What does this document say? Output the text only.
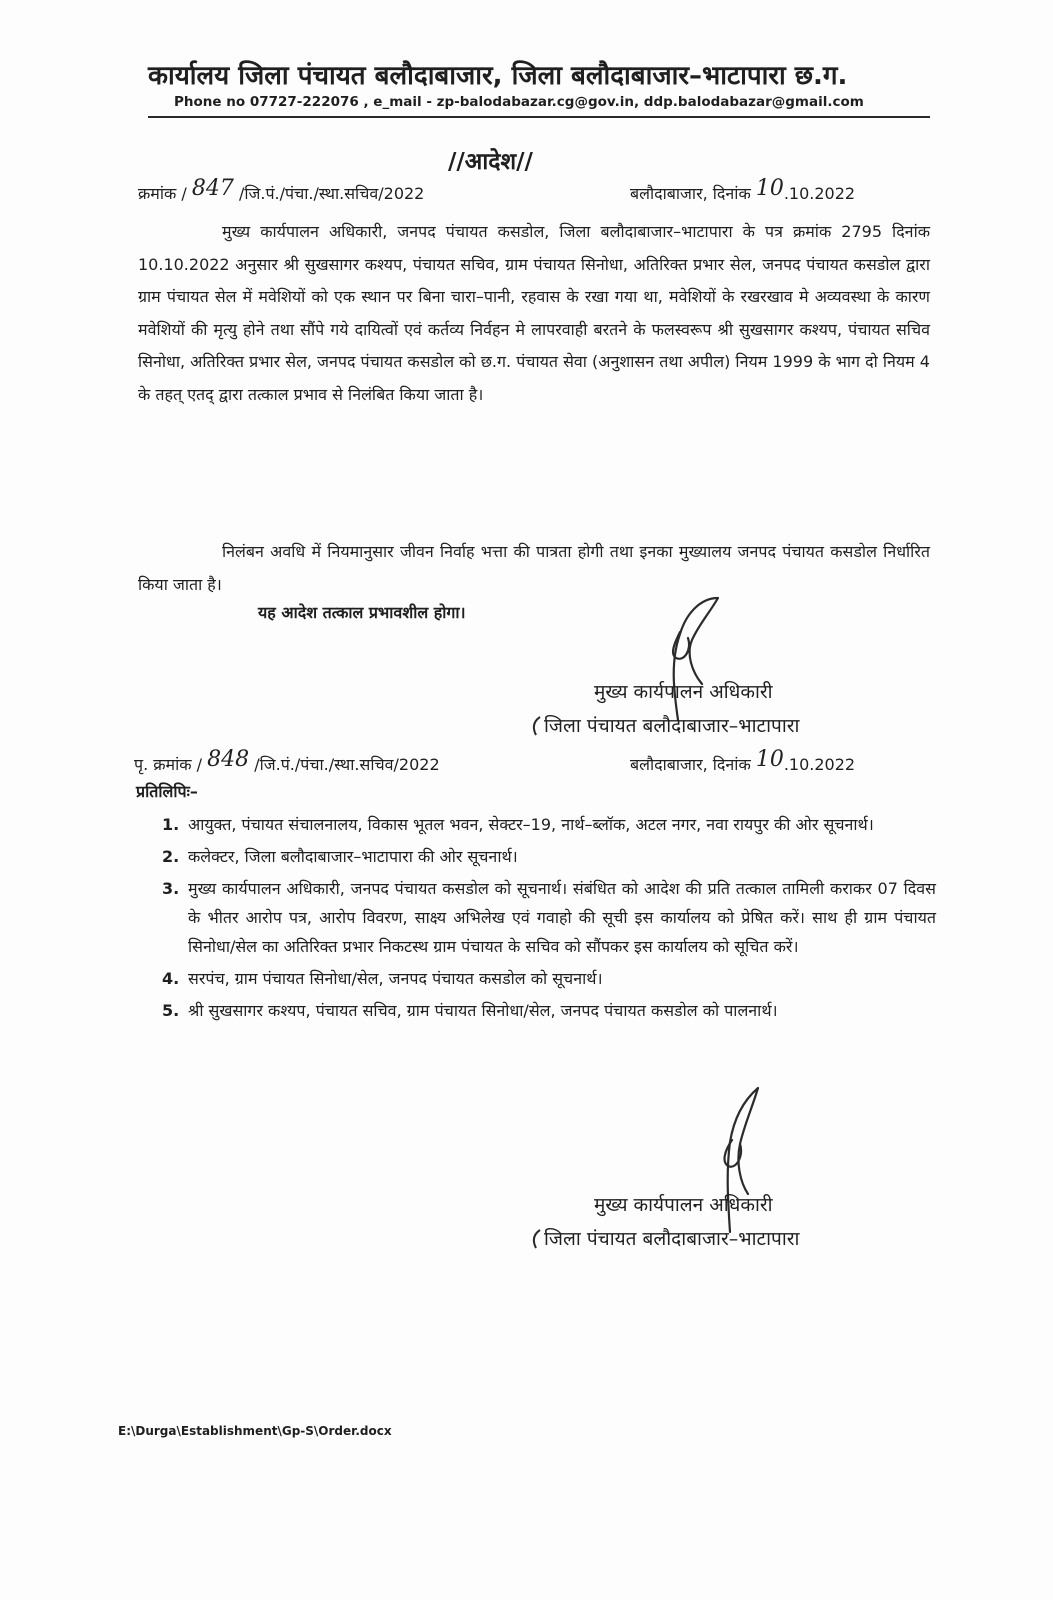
कार्यालय जिला पंचायत बलौदाबाजार, जिला बलौदाबाजार–भाटापारा छ.ग.
Phone no 07727-222076 , e_mail - zp-balodabazar.cg@gov.in, ddp.balodabazar@gmail.com
//आदेश//
क्रमांक / 847 /जि.पं./पंचा./स्था.सचिव/2022	बलौदाबाजार, दिनांक 10.10.2022
मुख्य कार्यपालन अधिकारी, जनपद पंचायत कसडोल, जिला बलौदाबाजार–भाटापारा के पत्र क्रमांक 2795 दिनांक 10.10.2022 अनुसार श्री सुखसागर कश्यप, पंचायत सचिव, ग्राम पंचायत सिनोधा, अतिरिक्त प्रभार सेल, जनपद पंचायत कसडोल द्वारा ग्राम पंचायत सेल में मवेशियों को एक स्थान पर बिना चारा–पानी, रहवास के रखा गया था, मवेशियों के रखरखाव मे अव्यवस्था के कारण मवेशियों की मृत्यु होने तथा सौंपे गये दायित्वों एवं कर्तव्य निर्वहन मे लापरवाही बरतने के फलस्वरूप श्री सुखसागर कश्यप, पंचायत सचिव सिनोधा, अतिरिक्त प्रभार सेल, जनपद पंचायत कसडोल को छ.ग. पंचायत सेवा (अनुशासन तथा अपील) नियम 1999 के भाग दो नियम 4 के तहत् एतद् द्वारा तत्काल प्रभाव से निलंबित किया जाता है।
निलंबन अवधि में नियमानुसार जीवन निर्वाह भत्ता की पात्रता होगी तथा इनका मुख्यालय जनपद पंचायत कसडोल निर्धारित किया जाता है।
यह आदेश तत्काल प्रभावशील होगा।
मुख्य कार्यपालन अधिकारी
जिला पंचायत बलौदाबाजार–भाटापारा
पृ. क्रमांक / 848 /जि.पं./पंचा./स्था.सचिव/2022	बलौदाबाजार, दिनांक 10.10.2022
प्रतिलिपिः–
1. आयुक्त, पंचायत संचालनालय, विकास भूतल भवन, सेक्टर–19, नार्थ–ब्लॉक, अटल नगर, नवा रायपुर की ओर सूचनार्थ।
2. कलेक्टर, जिला बलौदाबाजार–भाटापारा की ओर सूचनार्थ।
3. मुख्य कार्यपालन अधिकारी, जनपद पंचायत कसडोल को सूचनार्थ। संबंधित को आदेश की प्रति तत्काल तामिली कराकर 07 दिवस के भीतर आरोप पत्र, आरोप विवरण, साक्ष्य अभिलेख एवं गवाहो की सूची इस कार्यालय को प्रेषित करें। साथ ही ग्राम पंचायत सिनोधा/सेल का अतिरिक्त प्रभार निकटस्थ ग्राम पंचायत के सचिव को सौंपकर इस कार्यालय को सूचित करें।
4. सरपंच, ग्राम पंचायत सिनोधा/सेल, जनपद पंचायत कसडोल को सूचनार्थ।
5. श्री सुखसागर कश्यप, पंचायत सचिव, ग्राम पंचायत सिनोधा/सेल, जनपद पंचायत कसडोल को पालनार्थ।
मुख्य कार्यपालन अधिकारी
जिला पंचायत बलौदाबाजार–भाटापारा
E:\Durga\Establishment\Gp-S\Order.docx
